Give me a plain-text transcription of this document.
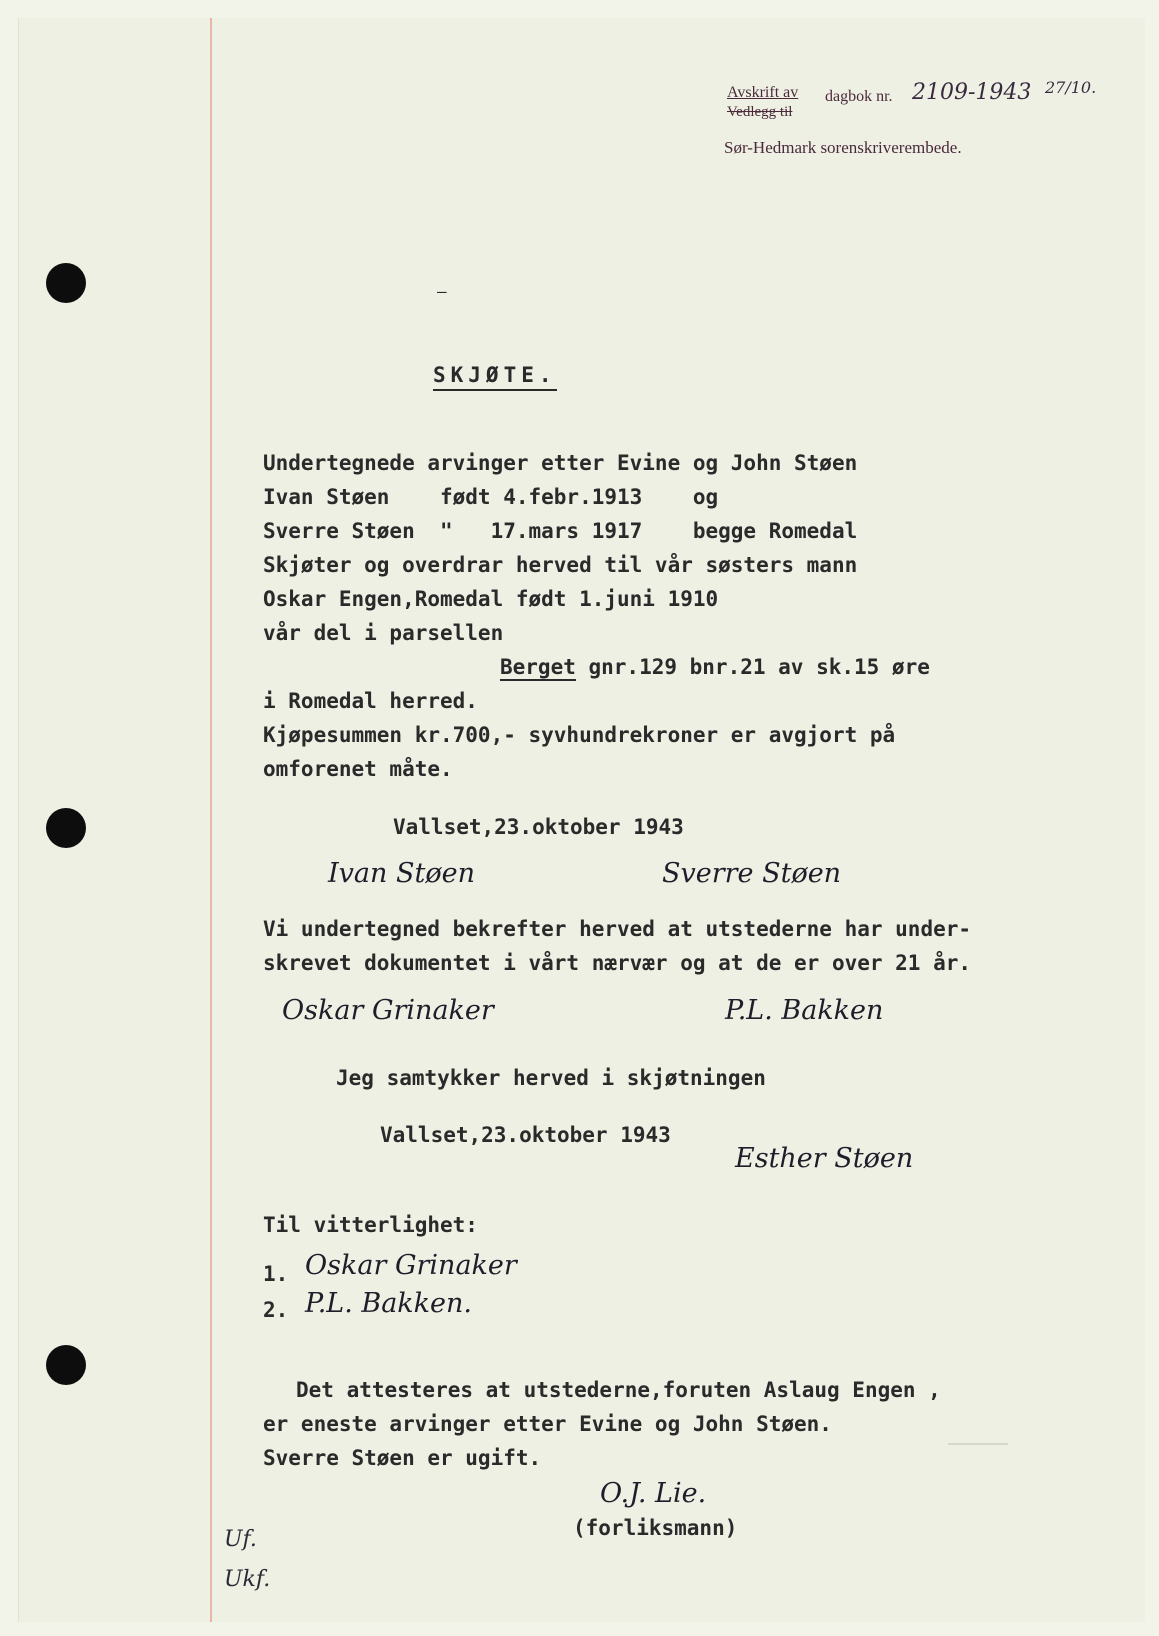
Avskrift av
Vedlegg til
dagbok nr. 2109-1943 27/10.
Sør-Hedmark sorenskriverembede.
–
SKJØTE.
Undertegnede arvinger etter Evine og John Støen
Ivan Støen    født 4.febr.1913    og
Sverre Støen  "   17.mars 1917    begge Romedal
Skjøter og overdrar herved til vår søsters mann
Oskar Engen,Romedal født 1.juni 1910
vår del i parsellen
Berget gnr.129 bnr.21 av sk.15 øre
i Romedal herred.
Kjøpesummen kr.700,- syvhundrekroner er avgjort på
omforenet måte.
Vallset,23.oktober 1943
Ivan Støen	Sverre Støen
Vi undertegned bekrefter herved at utstederne har under-
skrevet dokumentet i vårt nærvær og at de er over 21 år.
Oskar Grinaker	P.L. Bakken
Jeg samtykker herved i skjøtningen
Vallset,23.oktober 1943
Esther Støen
Til vitterlighet:
1. Oskar Grinaker
2. P.L. Bakken.
Det attesteres at utstederne,foruten Aslaug Engen ,
er eneste arvinger etter Evine og John Støen.
Sverre Støen er ugift.
O.J. Lie.
(forliksmann)
Uf. Ukf.
